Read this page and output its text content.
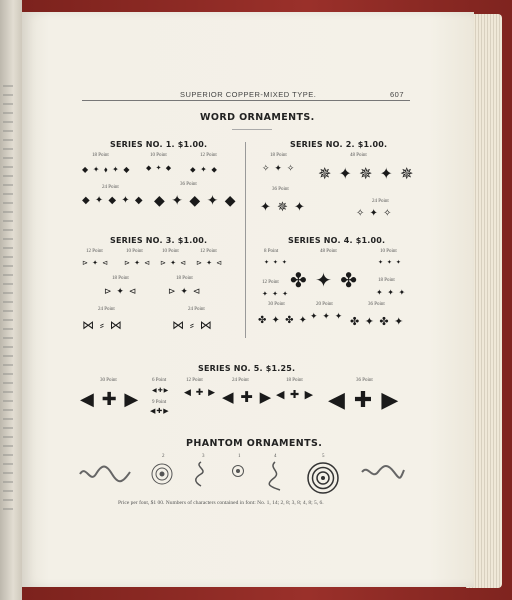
SUPERIOR COPPER-MIXED TYPE.	607
WORD ORNAMENTS.
SERIES NO. 1. $1.00.
18 Point	10 Point	12 Point
◆ ✦ ⬧ ✦ ◆ ◆ ✦ ◆ ⬥ ✦ ⬥
24 Point
36 Point
◆ ✦ ◆ ✦ ◆ ◆ ✦ ◆ ✦ ◆
SERIES NO. 2. $1.00.
18 Point	48 Point
✧ ✦ ✧ ✵ ✦ ✵ ✦ ✵
36 Point
24 Point
✦ ✵ ✦	✧ ✦ ✧
SERIES NO. 3. $1.00.
12 Point	10 Point	10 Point	12 Point
⊳ ✦ ⊲ ⊳ ✦ ⊲ ⊳ ✦ ⊲ ⊳ ✦ ⊲
18 Point	18 Point
⊳ ✦ ⊲	⊳ ✦ ⊲
24 Point	24 Point
⋈ ⸗ ⋈	⋈ ⸗ ⋈
SERIES NO. 4. $1.00.
8 Point	48 Point	10 Point
✦ ✦ ✦
✤ ✦ ✤
✦ ✦ ✦
12 Point	18 Point
✦ ✦ ✦	✦ ✦ ✦
30 Point	20 Point	36 Point
✤ ✦ ✤ ✦ ✦ ✦ ✦ ✤ ✦ ✤ ✦
SERIES NO. 5. $1.25.
30 Point	6 Point
9 Point
12 Point	24 Point	18 Point	36 Point
◀ ✚ ▶ ◀✚▶
◀✚▶
◀ ✚ ▶ ◀ ✚ ▶ ◀ ✚ ▶ ◀ ✚ ▶
PHANTOM ORNAMENTS.
2	3	1	4	5
Price per font, $1 00. Numbers of characters contained in font: No. 1, 14; 2, 8; 3, 8; 4, 8; 5, 6.
